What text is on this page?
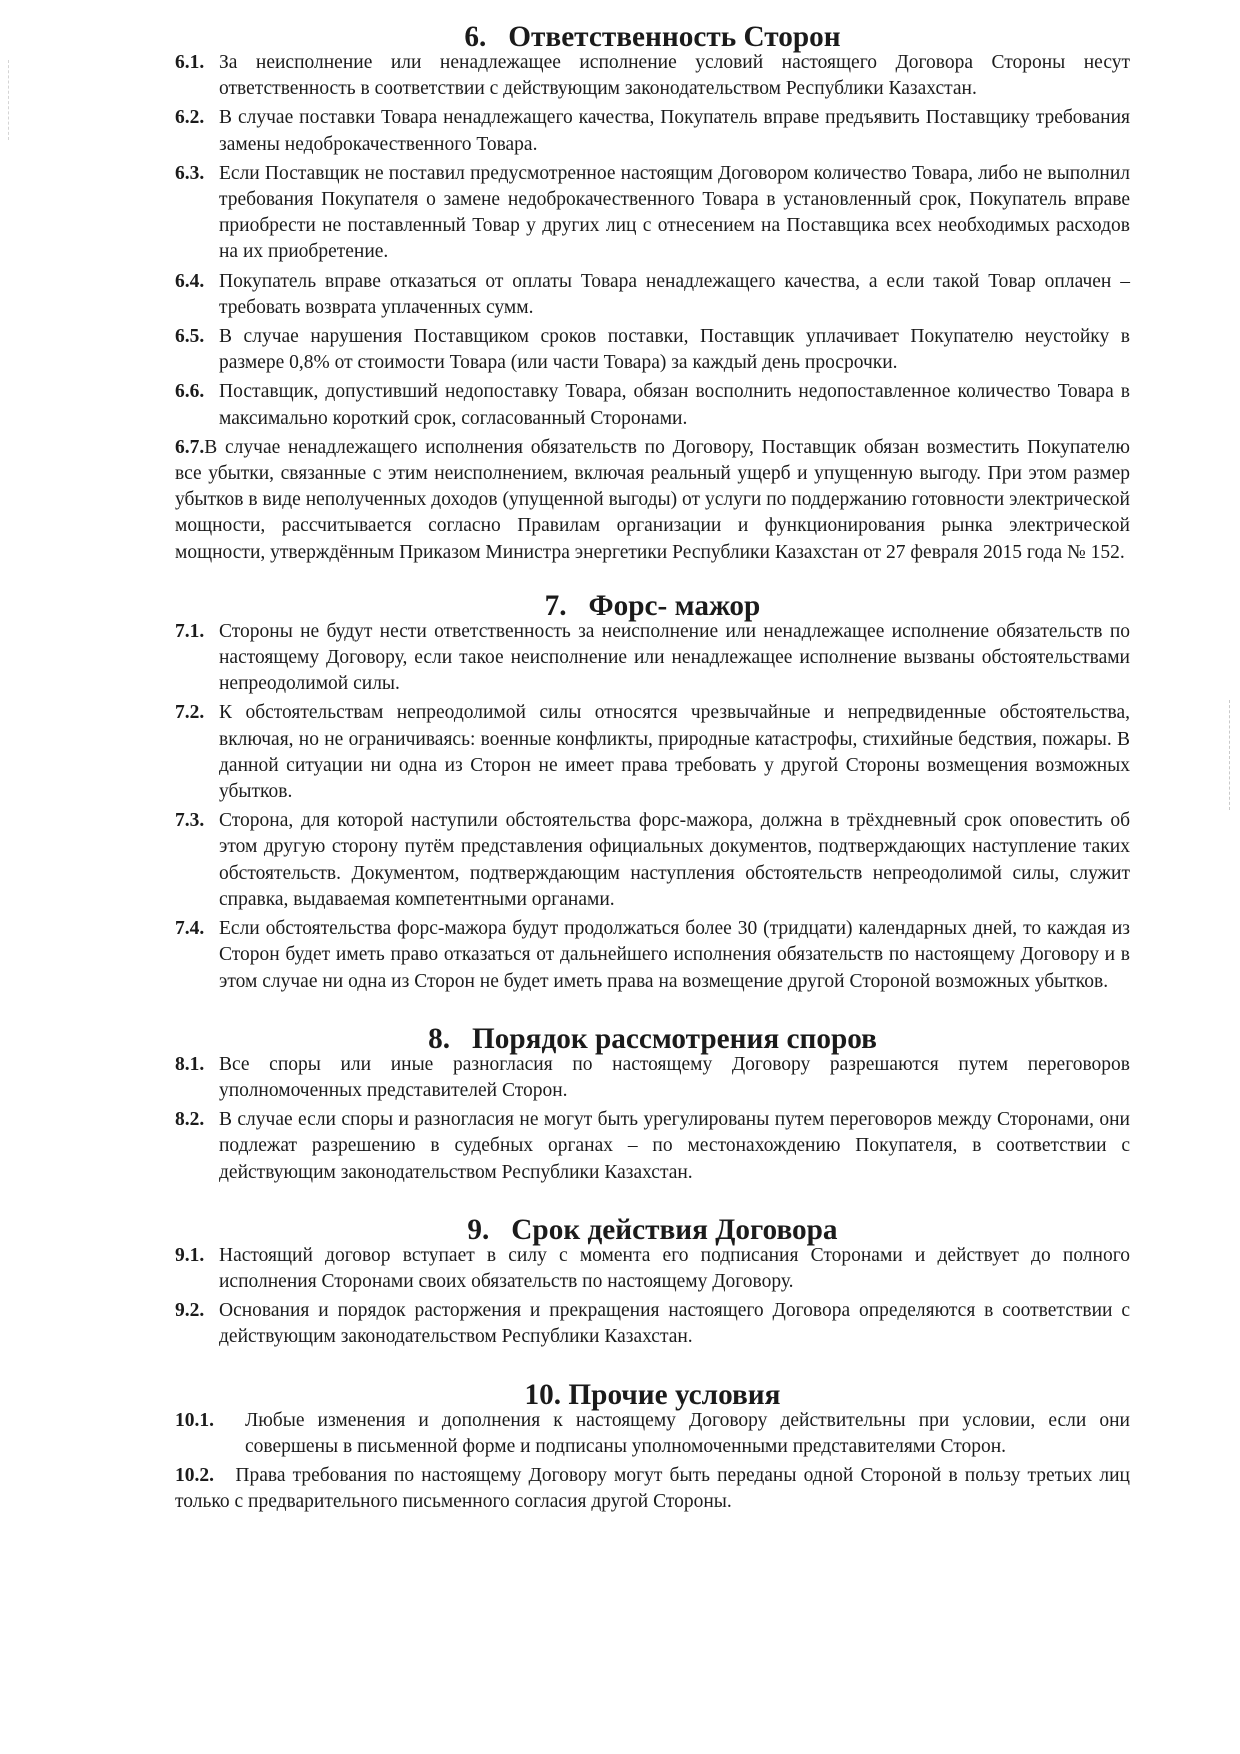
6.   Ответственность Сторон

6.1. За неисполнение или ненадлежащее исполнение условий настоящего Договора Стороны несут ответственность в соответствии с действующим законодательством Республики Казахстан.

6.2. В случае поставки Товара ненадлежащего качества, Покупатель вправе предъявить Поставщику требования замены недоброкачественного Товара.

6.3. Если Поставщик не поставил предусмотренное настоящим Договором количество Товара, либо не выполнил требования Покупателя о замене недоброкачественного Товара в установленный срок, Покупатель вправе приобрести не поставленный Товар у других лиц с отнесением на Поставщика всех необходимых расходов на их приобретение.

6.4. Покупатель вправе отказаться от оплаты Товара ненадлежащего качества, а если такой Товар оплачен – требовать возврата уплаченных сумм.

6.5. В случае нарушения Поставщиком сроков поставки, Поставщик уплачивает Покупателю неустойку в размере 0,8% от стоимости Товара (или части Товара) за каждый день просрочки.

6.6. Поставщик, допустивший недопоставку Товара, обязан восполнить недопоставленное количество Товара в максимально короткий срок, согласованный Сторонами.

6.7.В случае ненадлежащего исполнения обязательств по Договору, Поставщик обязан возместить Покупателю все убытки, связанные с этим неисполнением, включая реальный ущерб и упущенную выгоду. При этом размер убытков в виде неполученных доходов (упущенной выгоды) от услуги по поддержанию готовности электрической мощности, рассчитывается согласно Правилам организации и функционирования рынка электрической мощности, утверждённым Приказом Министра энергетики Республики Казахстан от 27 февраля 2015 года № 152.

7.   Форс- мажор

7.1. Стороны не будут нести ответственность за неисполнение или ненадлежащее исполнение обязательств по настоящему Договору, если такое неисполнение или ненадлежащее исполнение вызваны обстоятельствами непреодолимой силы.

7.2. К обстоятельствам непреодолимой силы относятся чрезвычайные и непредвиденные обстоятельства, включая, но не ограничиваясь: военные конфликты, природные катастрофы, стихийные бедствия, пожары. В данной ситуации ни одна из Сторон не имеет права требовать у другой Стороны возмещения возможных убытков.

7.3. Сторона, для которой наступили обстоятельства форс-мажора, должна в трёхдневный срок оповестить об этом другую сторону путём представления официальных документов, подтверждающих наступление таких обстоятельств. Документом, подтверждающим наступления обстоятельств непреодолимой силы, служит справка, выдаваемая компетентными органами.

7.4. Если обстоятельства форс-мажора будут продолжаться более 30 (тридцати) календарных дней, то каждая из Сторон будет иметь право отказаться от дальнейшего исполнения обязательств по настоящему Договору и в этом случае ни одна из Сторон не будет иметь права на возмещение другой Стороной возможных убытков.

8.   Порядок рассмотрения споров

8.1. Все споры или иные разногласия по настоящему Договору разрешаются путем переговоров уполномоченных представителей Сторон.

8.2. В случае если споры и разногласия не могут быть урегулированы путем переговоров между Сторонами, они подлежат разрешению в судебных органах – по местонахождению Покупателя, в соответствии с действующим законодательством Республики Казахстан.

9.   Срок действия Договора

9.1. Настоящий договор вступает в силу с момента его подписания Сторонами и действует до полного исполнения Сторонами своих обязательств по настоящему Договору.

9.2. Основания и порядок расторжения и прекращения настоящего Договора определяются в соответствии с действующим законодательством Республики Казахстан.

10. Прочие условия

10.1. Любые изменения и дополнения к настоящему Договору действительны при условии, если они совершены в письменной форме и подписаны уполномоченными представителями Сторон.

10.2. Права требования по настоящему Договору могут быть переданы одной Стороной в пользу третьих лиц только с предварительного письменного согласия другой Стороны.
